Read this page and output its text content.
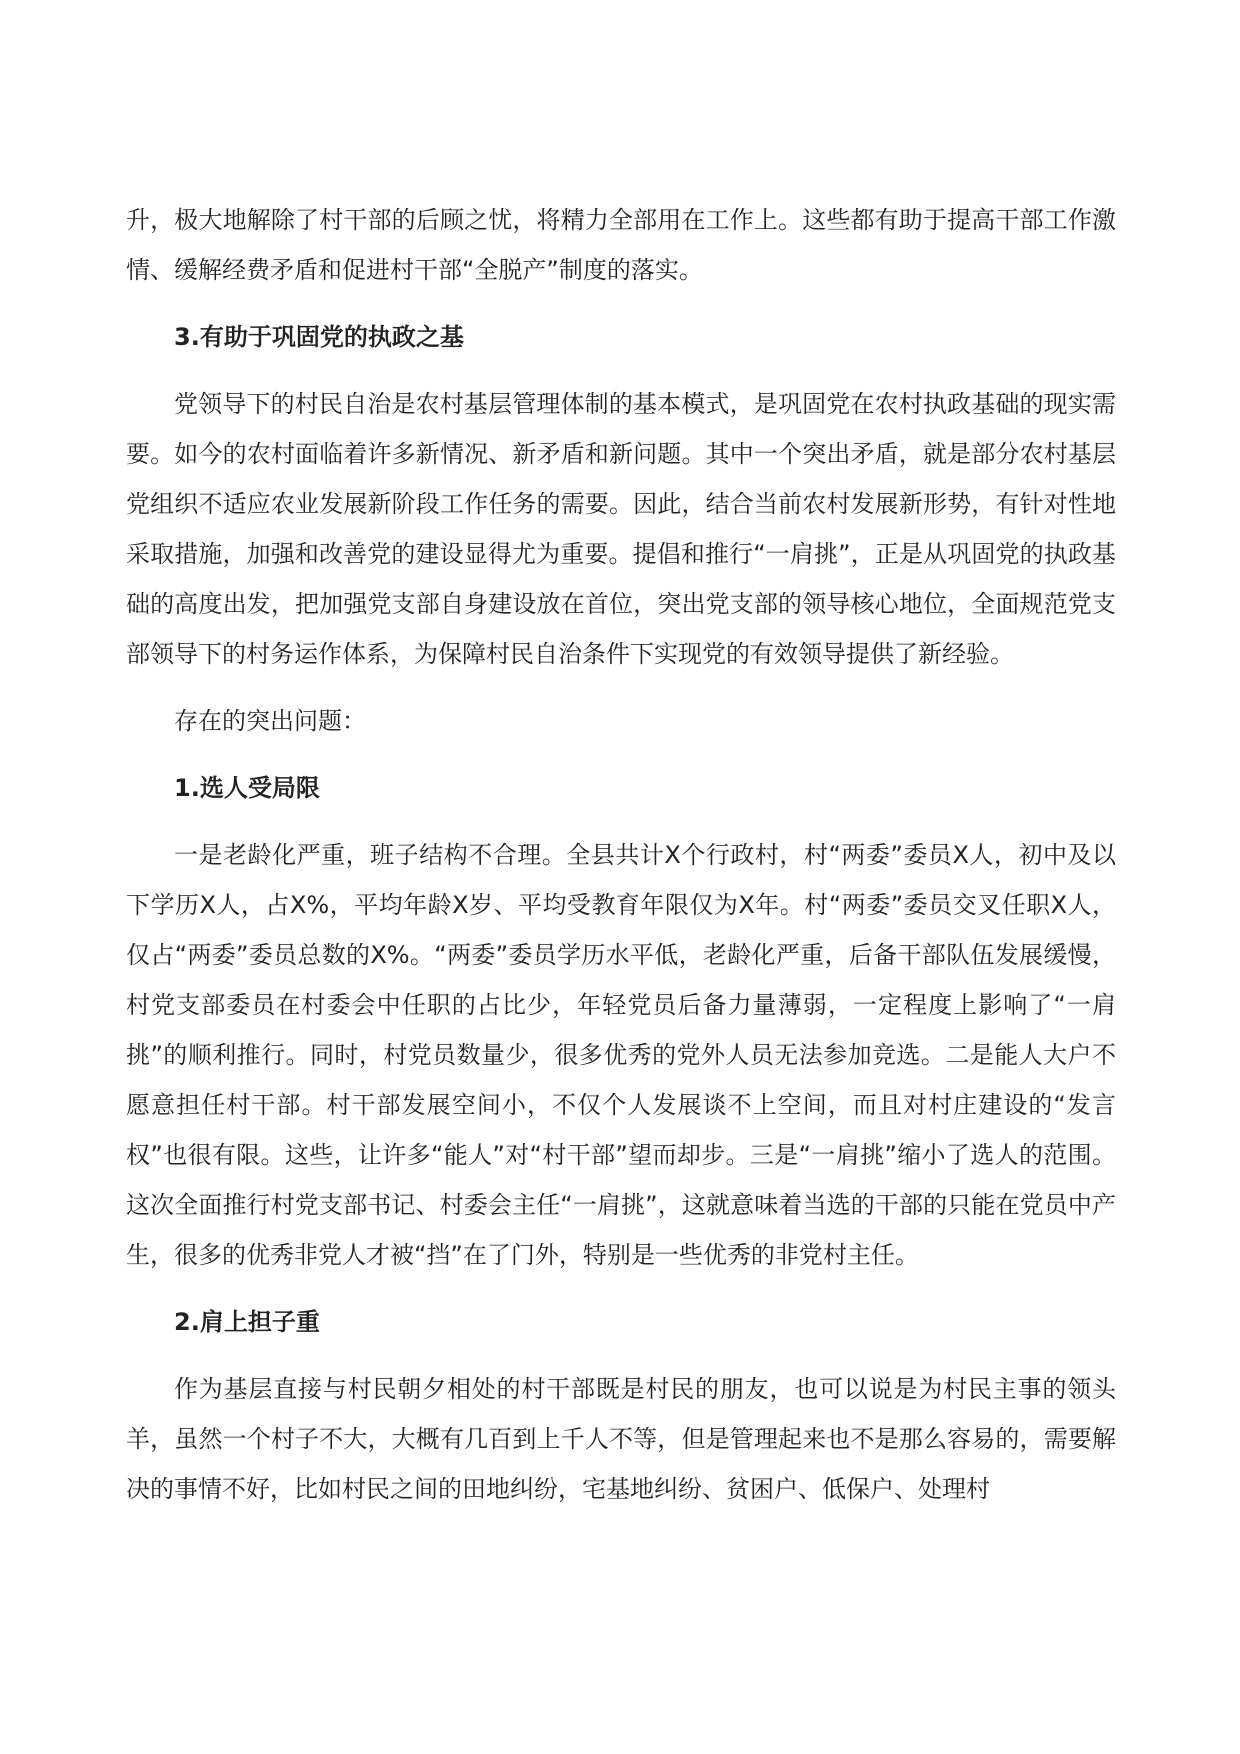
升，极大地解除了村干部的后顾之忧，将精力全部用在工作上。这些都有助于提高干部工作激情、缓解经费矛盾和促进村干部“全脱产”制度的落实。

3.有助于巩固党的执政之基

党领导下的村民自治是农村基层管理体制的基本模式，是巩固党在农村执政基础的现实需要。如今的农村面临着许多新情况、新矛盾和新问题。其中一个突出矛盾，就是部分农村基层党组织不适应农业发展新阶段工作任务的需要。因此，结合当前农村发展新形势，有针对性地采取措施，加强和改善党的建设显得尤为重要。提倡和推行“一肩挑”，正是从巩固党的执政基础的高度出发，把加强党支部自身建设放在首位，突出党支部的领导核心地位，全面规范党支部领导下的村务运作体系，为保障村民自治条件下实现党的有效领导提供了新经验。

存在的突出问题：

1.选人受局限

一是老龄化严重，班子结构不合理。全县共计X个行政村，村“两委”委员X人，初中及以下学历X人，占X%，平均年龄X岁、平均受教育年限仅为X年。村“两委”委员交叉任职X人，仅占“两委”委员总数的X%。“两委”委员学历水平低，老龄化严重，后备干部队伍发展缓慢，村党支部委员在村委会中任职的占比少，年轻党员后备力量薄弱，一定程度上影响了“一肩挑”的顺利推行。同时，村党员数量少，很多优秀的党外人员无法参加竞选。二是能人大户不愿意担任村干部。村干部发展空间小，不仅个人发展谈不上空间，而且对村庄建设的“发言权”也很有限。这些，让许多“能人”对“村干部”望而却步。三是“一肩挑”缩小了选人的范围。这次全面推行村党支部书记、村委会主任“一肩挑”，这就意味着当选的干部的只能在党员中产生，很多的优秀非党人才被“挡”在了门外，特别是一些优秀的非党村主任。

2.肩上担子重

作为基层直接与村民朝夕相处的村干部既是村民的朋友，也可以说是为村民主事的领头羊，虽然一个村子不大，大概有几百到上千人不等，但是管理起来也不是那么容易的，需要解决的事情不好，比如村民之间的田地纠纷，宅基地纠纷、贫困户、低保户、处理村
